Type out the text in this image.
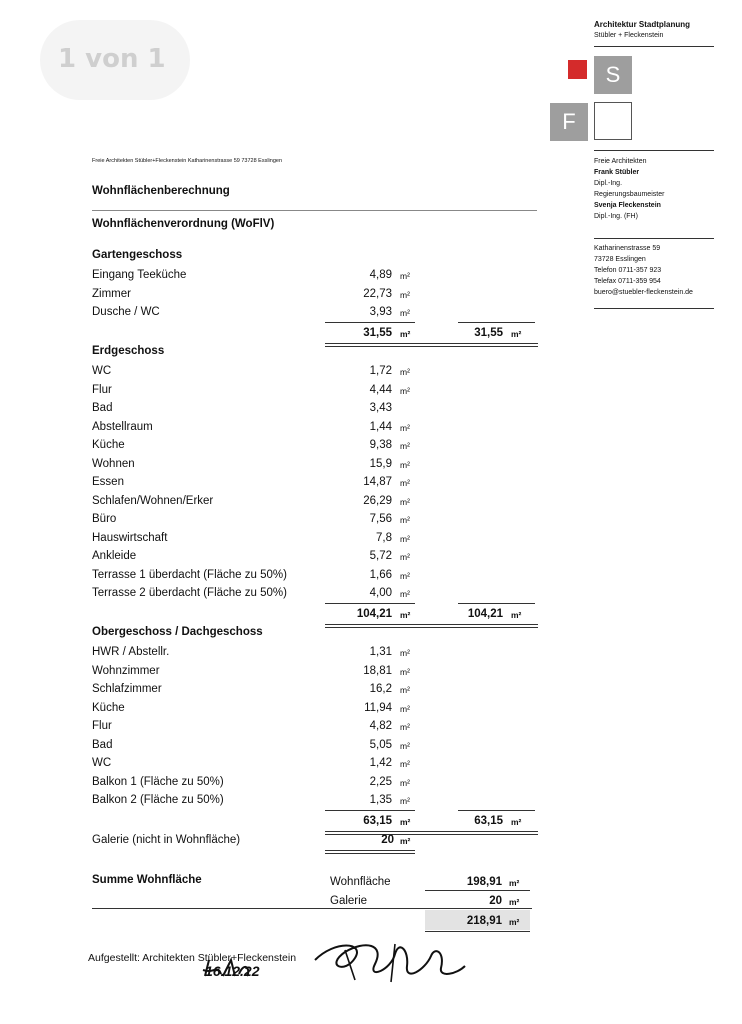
1 von 1
Architektur Stadtplanung
Stübler + Fleckenstein
S
F
Freie Architekten
Frank Stübler
Dipl.-Ing.
Regierungsbaumeister
Svenja Fleckenstein
Dipl.-Ing. (FH)
Katharinenstrasse 59
73728 Esslingen
Telefon 0711-357 923
Telefax 0711-359 954
buero@stuebler-fleckenstein.de
Freie Architekten Stübler+Fleckenstein Katharinenstrasse 59 73728 Esslingen
Wohnflächenberechnung
Wohnflächenverordnung (WoFlV)
Gartengeschoss
Eingang Teeküche	4,89 m²
Zimmer	22,73 m²
Dusche / WC	3,93 m²
31,55 m²	31,55 m²
Erdgeschoss
WC	1,72 m²
Flur	4,44 m²
Bad	3,43
Abstellraum	1,44 m²
Küche	9,38 m²
Wohnen	15,9 m²
Essen	14,87 m²
Schlafen/Wohnen/Erker	26,29 m²
Büro	7,56 m²
Hauswirtschaft	7,8 m²
Ankleide	5,72 m²
Terrasse 1 überdacht (Fläche zu 50%)	1,66 m²
Terrasse 2 überdacht (Fläche zu 50%)	4,00 m²
104,21 m²	104,21 m²
Obergeschoss / Dachgeschoss
HWR / Abstellr.	1,31 m²
Wohnzimmer	18,81 m²
Schlafzimmer	16,2 m²
Küche	11,94 m²
Flur	4,82 m²
Bad	5,05 m²
WC	1,42 m²
Balkon 1 (Fläche zu 50%)	2,25 m²
Balkon 2 (Fläche zu 50%)	1,35 m²
63,15 m²	63,15 m²
Galerie (nicht in Wohnfläche)	20 m²
Summe Wohnfläche	Wohnfläche	198,91 m²
Galerie	20 m²
218,91 m²
Aufgestellt: Architekten Stübler+Fleckenstein
16.12.22
